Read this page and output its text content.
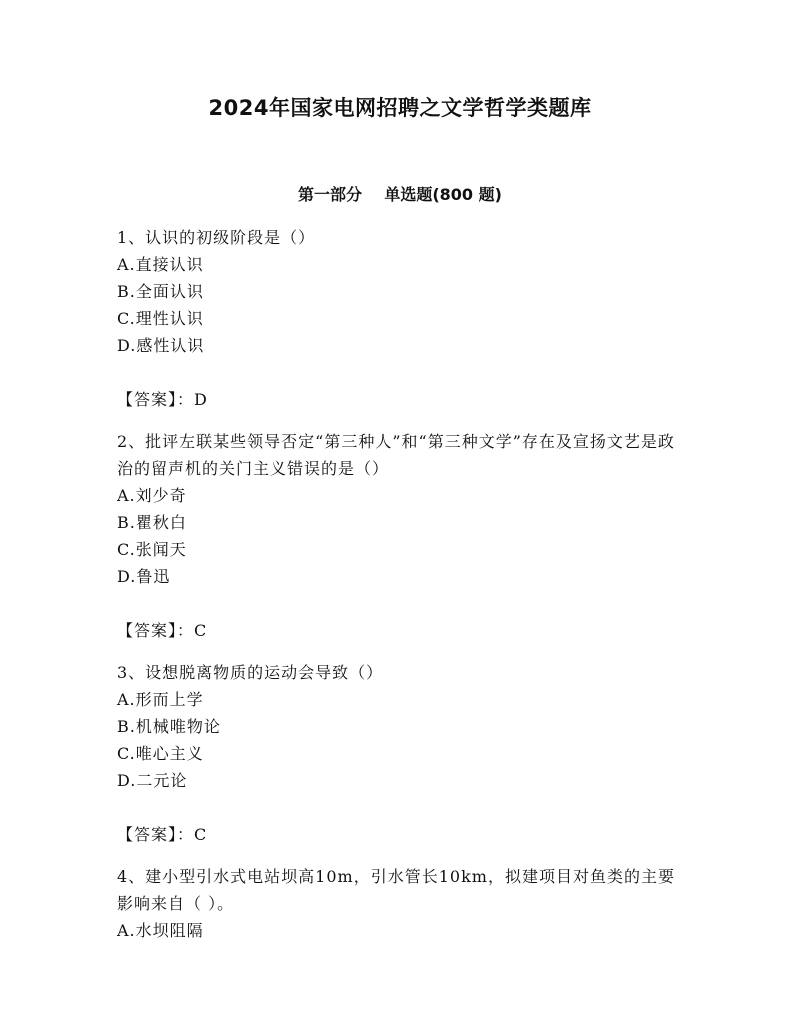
2024年国家电网招聘之文学哲学类题库
第一部分    单选题(800 题)

1、认识的初级阶段是（）

A.直接认识

B.全面认识

C.理性认识

D.感性认识

【答案】：D

2、批评左联某些领导否定“第三种人”和“第三种文学”存在及宣扬文艺是政治的留声机的关门主义错误的是（）

A.刘少奇

B.瞿秋白

C.张闻天

D.鲁迅

【答案】：C

3、设想脱离物质的运动会导致（）

A.形而上学

B.机械唯物论

C.唯心主义

D.二元论

【答案】：C

4、建小型引水式电站坝高10m，引水管长10km，拟建项目对鱼类的主要影响来自（ ）。

A.水坝阻隔
